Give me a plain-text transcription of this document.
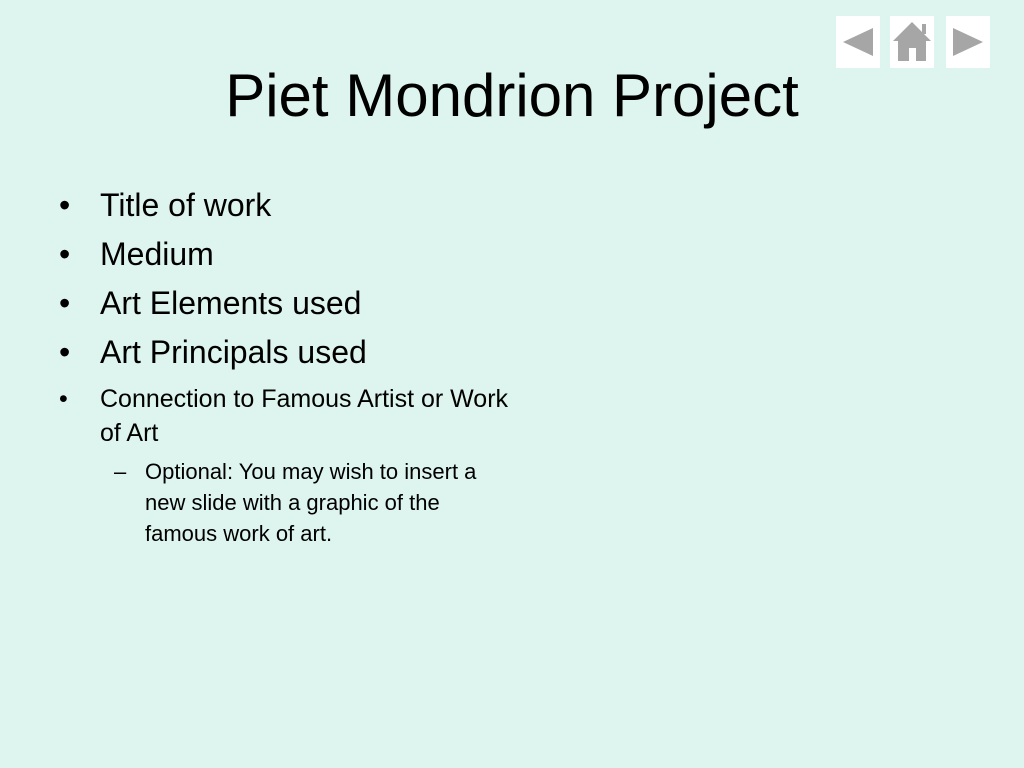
Piet Mondrion Project
• Title of work
• Medium
• Art Elements used
• Art Principals used
• Connection to Famous Artist or Work of Art
– Optional: You may wish to insert a new slide with a graphic of the famous work of art.
